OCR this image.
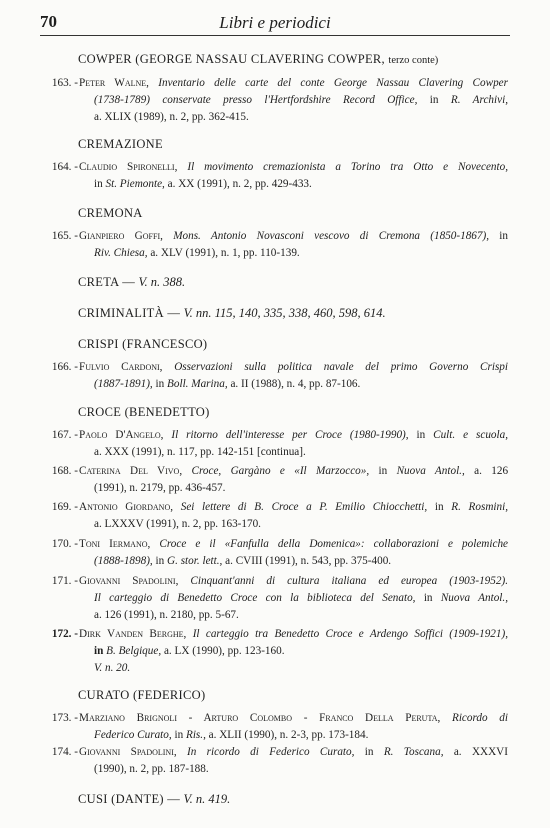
70	Libri e periodici
COWPER (GEORGE NASSAU CLAVERING COWPER, terzo conte)
163. - Peter Walne, Inventario delle carte del conte George Nassau Clavering Cowper
(1738-1789) conservate presso l'Hertfordshire Record Office, in R. Archivi,
a. XLIX (1989), n. 2, pp. 362-415.
CREMAZIONE
164. - Claudio Spironelli, Il movimento cremazionista a Torino tra Otto e Novecento,
in St. Piemonte, a. XX (1991), n. 2, pp. 429-433.
CREMONA
165. - Gianpiero Goffi, Mons. Antonio Novasconi vescovo di Cremona (1850-1867), in
Riv. Chiesa, a. XLV (1991), n. 1, pp. 110-139.
CRETA — V. n. 388.
CRIMINALITÀ — V. nn. 115, 140, 335, 338, 460, 598, 614.
CRISPI (FRANCESCO)
166. - Fulvio Cardoni, Osservazioni sulla politica navale del primo Governo Crispi
(1887-1891), in Boll. Marina, a. II (1988), n. 4, pp. 87-106.
CROCE (BENEDETTO)
167. - Paolo D'Angelo, Il ritorno dell'interesse per Croce (1980-1990), in Cult. e scuola,
a. XXX (1991), n. 117, pp. 142-151 [continua].
168. - Caterina Del Vivo, Croce, Gargàno e «Il Marzocco», in Nuova Antol., a. 126
(1991), n. 2179, pp. 436-457.
169. - Antonio Giordano, Sei lettere di B. Croce a P. Emilio Chiocchetti, in R. Rosmini,
a. LXXXV (1991), n. 2, pp. 163-170.
170. - Toni Iermano, Croce e il «Fanfulla della Domenica»: collaborazioni e polemiche
(1888-1898), in G. stor. lett., a. CVIII (1991), n. 543, pp. 375-400.
171. - Giovanni Spadolini, Cinquant'anni di cultura italiana ed europea (1903-1952).
Il carteggio di Benedetto Croce con la biblioteca del Senato, in Nuova Antol.,
a. 126 (1991), n. 2180, pp. 5-67.
172. - Dirk Vanden Berghe, Il carteggio tra Benedetto Croce e Ardengo Soffici (1909-1921),
in B. Belgique, a. LX (1990), pp. 123-160.
V. n. 20.
CURATO (FEDERICO)
173. - Marziano Brignoli - Arturo Colombo - Franco Della Peruta, Ricordo di
Federico Curato, in Ris., a. XLII (1990), n. 2-3, pp. 173-184.
174. - Giovanni Spadolini, In ricordo di Federico Curato, in R. Toscana, a. XXXVI
(1990), n. 2, pp. 187-188.
CUSI (DANTE) — V. n. 419.
